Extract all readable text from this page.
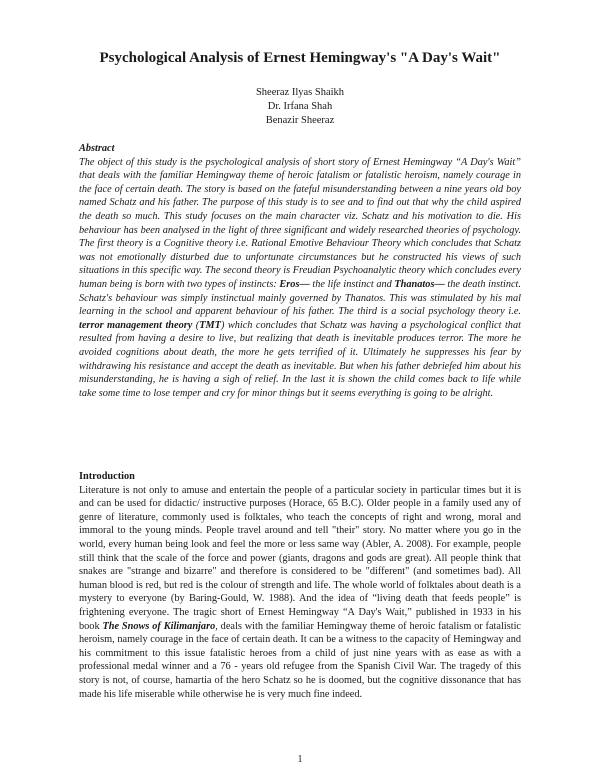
Psychological Analysis of Ernest Hemingway's "A Day's Wait"
Sheeraz Ilyas Shaikh
Dr. Irfana Shah
Benazir Sheeraz
Abstract

The object of this study is the psychological analysis of short story of Ernest Hemingway “A Day's Wait” that deals with the familiar Hemingway theme of heroic fatalism or fatalistic heroism, namely courage in the face of certain death. The story is based on the fateful misunderstanding between a nine years old boy named Schatz and his father. The purpose of this study is to see and to find out that why the child aspired the death so much. This study focuses on the main character viz. Schatz and his motivation to die. His behaviour has been analysed in the light of three significant and widely researched theories of psychology. The first theory is a Cognitive theory i.e. Rational Emotive Behaviour Theory which concludes that Schatz was not emotionally disturbed due to unfortunate circumstances but he constructed his views of such situations in this specific way. The second theory is Freudian Psychoanalytic theory which concludes every human being is born with two types of instincts: Eros— the life instinct and Thanatos— the death instinct. Schatz's behaviour was simply instinctual mainly governed by Thanatos. This was stimulated by his mal learning in the school and apparent behaviour of his father. The third is a social psychology theory i.e. terror management theory (TMT) which concludes that Schatz was having a psychological conflict that resulted from having a desire to live, but realizing that death is inevitable produces terror. The more he avoided cognitions about death, the more he gets terrified of it. Ultimately he suppresses his fear by withdrawing his resistance and accept the death as inevitable. But when his father debriefed him about his misunderstanding, he is having a sigh of relief. In the last it is shown the child comes back to life while take some time to lose temper and cry for minor things but it seems everything is going to be alright.

Introduction

Literature is not only to amuse and entertain the people of a particular society in particular times but it is and can be used for didactic/ instructive purposes (Horace, 65 B.C). Older people in a family used any of genre of literature, commonly used is folktales, who teach the concepts of right and wrong, moral and immoral to the young minds. People travel around and tell "their" story. No matter where you go in the world, every human being look and feel the more or less same way (Abler, A. 2008). For example, people still think that the scale of the force and power (giants, dragons and gods are great). All people think that snakes are "strange and bizarre" and therefore is considered to be "different" (and sometimes bad). All human blood is red, but red is the colour of strength and life. The whole world of folktales about death is a mystery to everyone (by Baring-Gould, W. 1988). And the idea of “living death that feeds people” is frightening everyone. The tragic short of Ernest Hemingway “A Day's Wait,” published in 1933 in his book The Snows of Kilimanjaro, deals with the familiar Hemingway theme of heroic fatalism or fatalistic heroism, namely courage in the face of certain death. It can be a witness to the capacity of Hemingway and his commitment to this issue fatalistic heroes from a child of just nine years with as ease as with a professional medal winner and a 76 - years old refugee from the Spanish Civil War. The tragedy of this story is not, of course, hamartia of the hero Schatz so he is doomed, but the cognitive dissonance that has made his life miserable while otherwise he is very much fine indeed.

1
